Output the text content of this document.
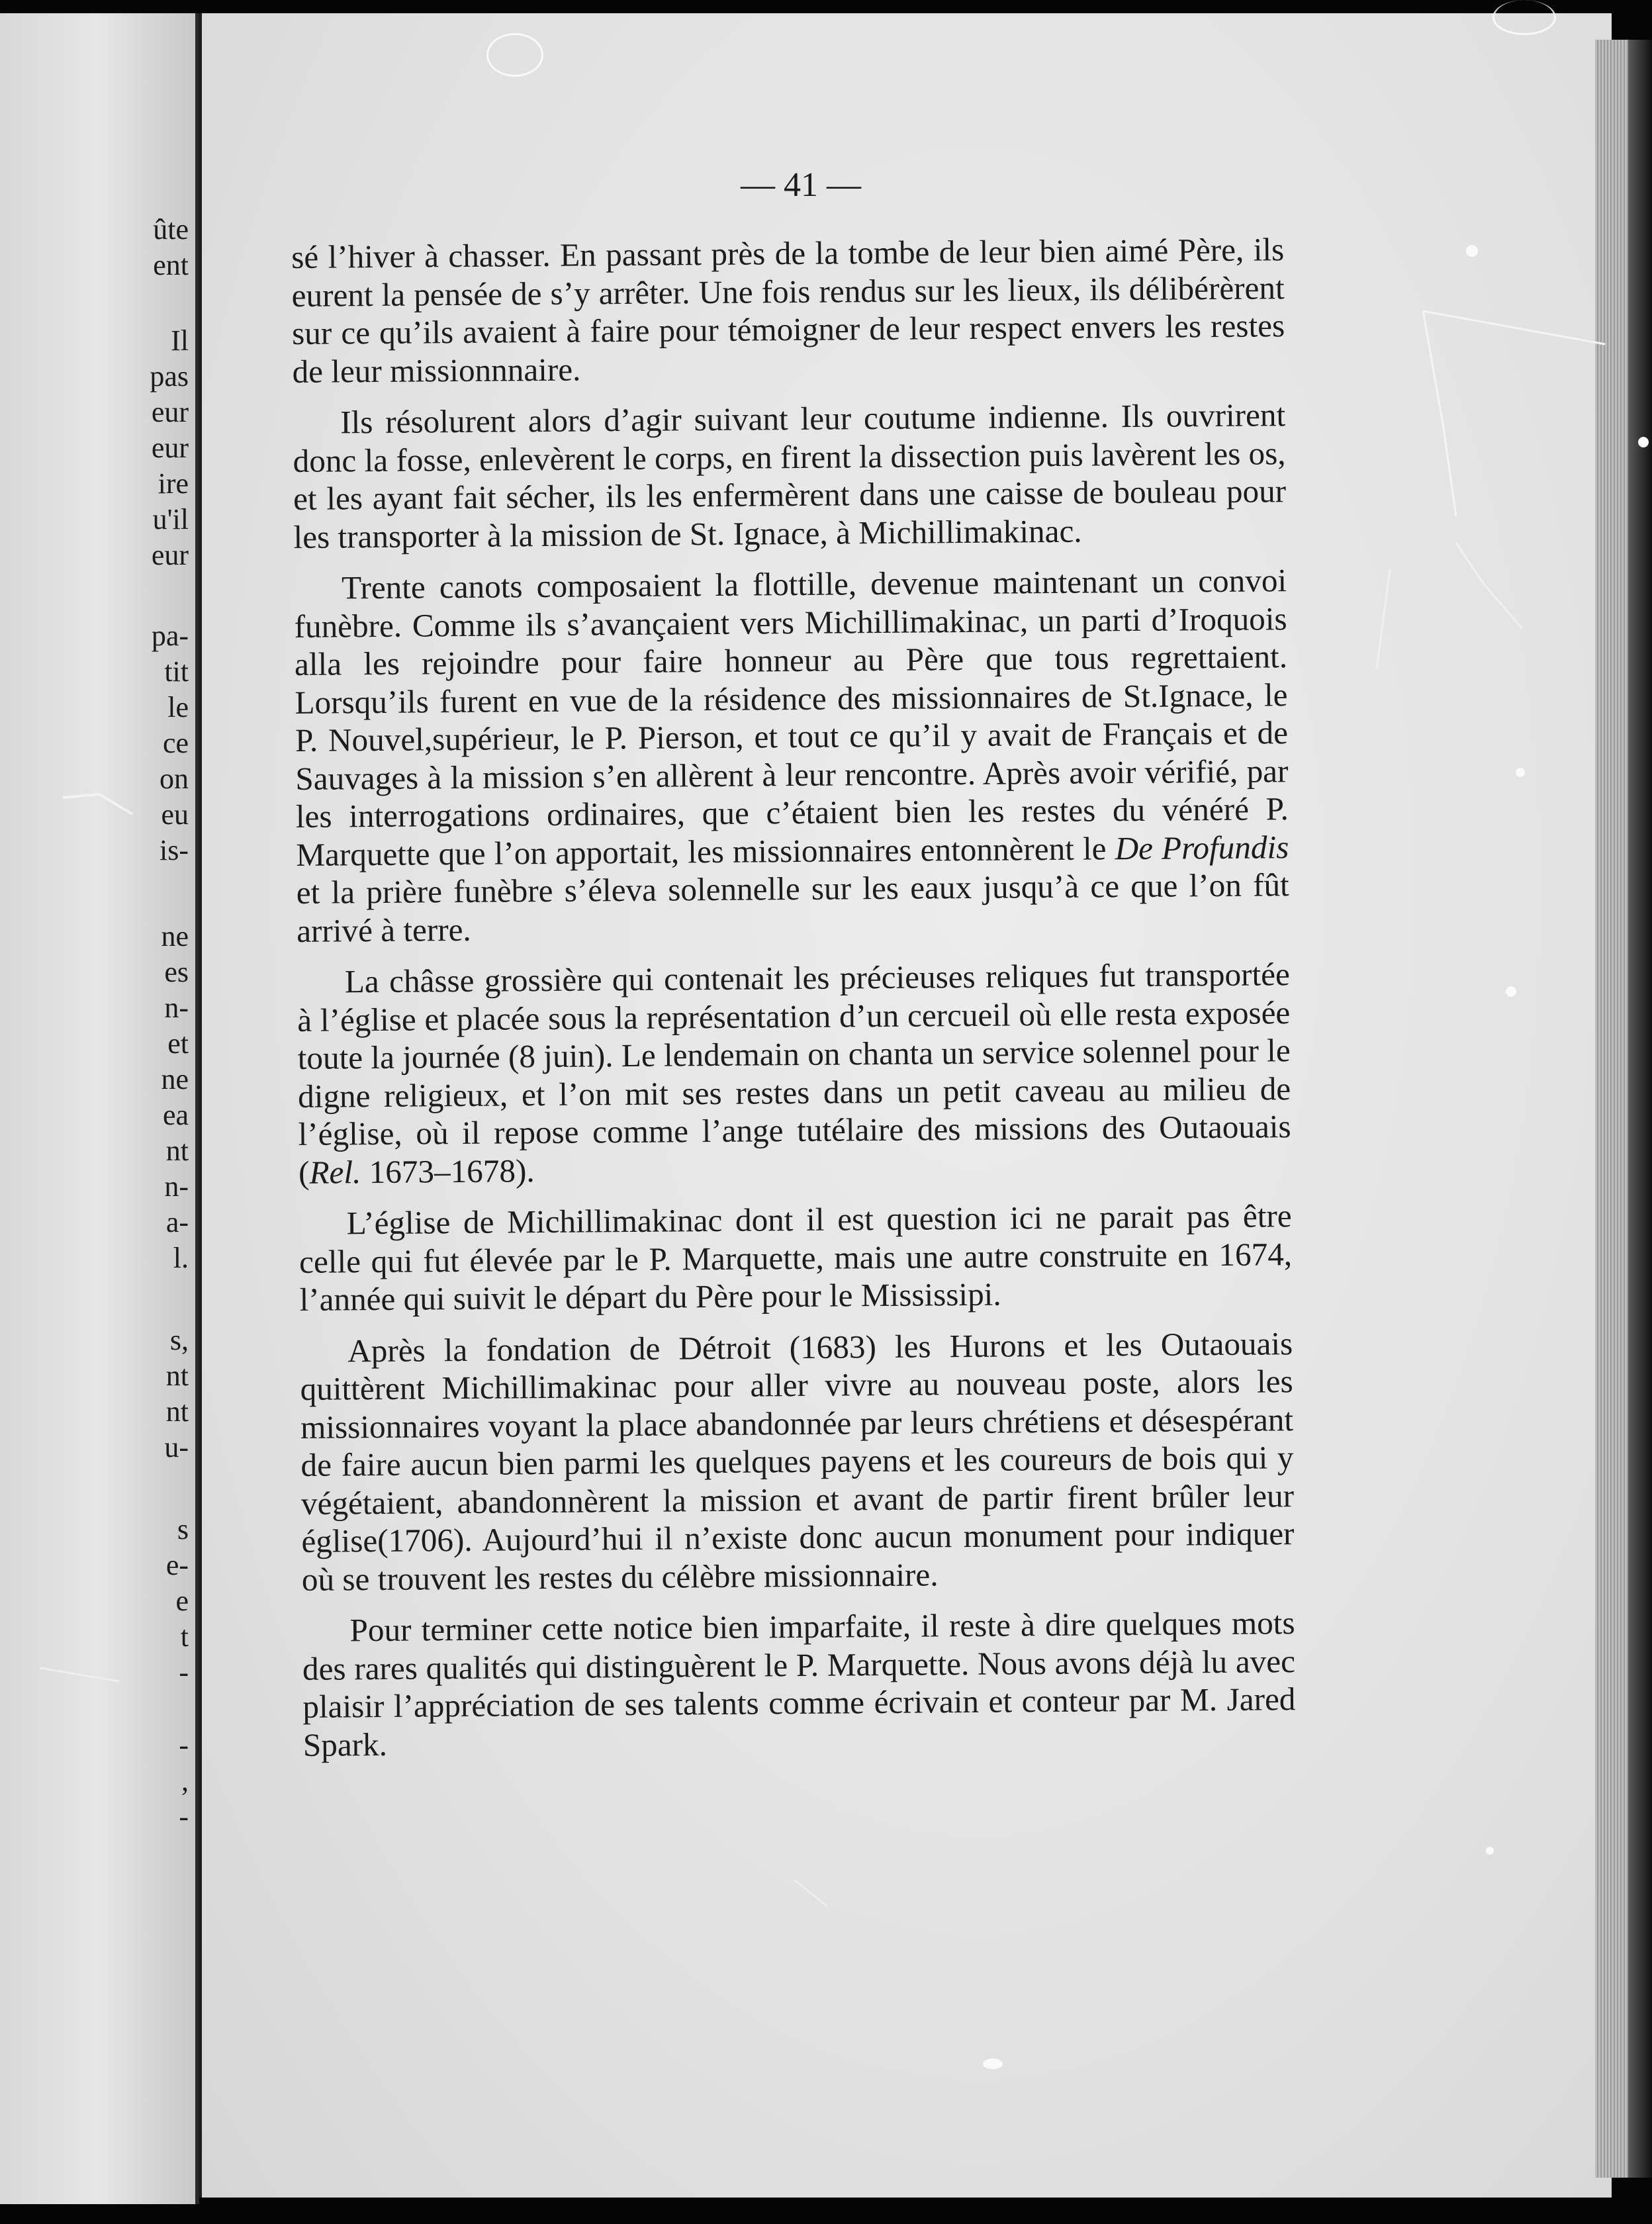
ûte
ent
Il
pas
eur
eur
ire
u'il
eur
pa-
tit
le
ce
on
eu
is-
ne
es
n-
et
ne
ea
nt
n-
a-
l.
s,
nt
nt
u-
s
e-
e
t
-
-
,
-
— 41 —

sé l’hiver à chasser. En passant près de la tombe de leur bien aimé Père, ils eurent la pensée de s’y arrêter. Une fois rendus sur les lieux, ils délibérèrent sur ce qu’ils avaient à faire pour témoigner de leur respect envers les restes de leur missionnnaire.

Ils résolurent alors d’agir suivant leur coutume indienne. Ils ouvrirent donc la fosse, enlevèrent le corps, en firent la dissection puis lavèrent les os, et les ayant fait sécher, ils les enfermèrent dans une caisse de bouleau pour les transporter à la mission de St. Ignace, à Michillimakinac.

Trente canots composaient la flottille, devenue maintenant un convoi funèbre. Comme ils s’avançaient vers Michillimakinac, un parti d’Iroquois alla les rejoindre pour faire honneur au Père que tous regrettaient. Lorsqu’ils furent en vue de la résidence des missionnaires de St.Ignace, le P. Nouvel,supérieur, le P. Pierson, et tout ce qu’il y avait de Français et de Sauvages à la mission s’en allèrent à leur rencontre. Après avoir vérifié, par les interrogations ordinaires, que c’étaient bien les restes du vénéré P. Marquette que l’on apportait, les missionnaires entonnèrent le De Profundis et la prière funèbre s’éleva solennelle sur les eaux jusqu’à ce que l’on fût arrivé à terre.

La châsse grossière qui contenait les précieuses reliques fut transportée à l’église et placée sous la représentation d’un cercueil où elle resta exposée toute la journée (8 juin). Le lendemain on chanta un service solennel pour le digne religieux, et l’on mit ses restes dans un petit caveau au milieu de l’église, où il repose comme l’ange tutélaire des missions des Outaouais (Rel. 1673–1678).

L’église de Michillimakinac dont il est question ici ne parait pas être celle qui fut élevée par le P. Marquette, mais une autre construite en 1674, l’année qui suivit le départ du Père pour le Mississipi.

Après la fondation de Détroit (1683) les Hurons et les Outaouais quittèrent Michillimakinac pour aller vivre au nouveau poste, alors les missionnaires voyant la place abandonnée par leurs chrétiens et désespérant de faire aucun bien parmi les quelques payens et les coureurs de bois qui y végétaient, abandonnèrent la mission et avant de partir firent brûler leur église(1706). Aujourd’hui il n’existe donc aucun monument pour indiquer où se trouvent les restes du célèbre missionnaire.

Pour terminer cette notice bien imparfaite, il reste à dire quelques mots des rares qualités qui distinguèrent le P. Marquette. Nous avons déjà lu avec plaisir l’appréciation de ses talents comme écrivain et conteur par M. Jared Spark.
